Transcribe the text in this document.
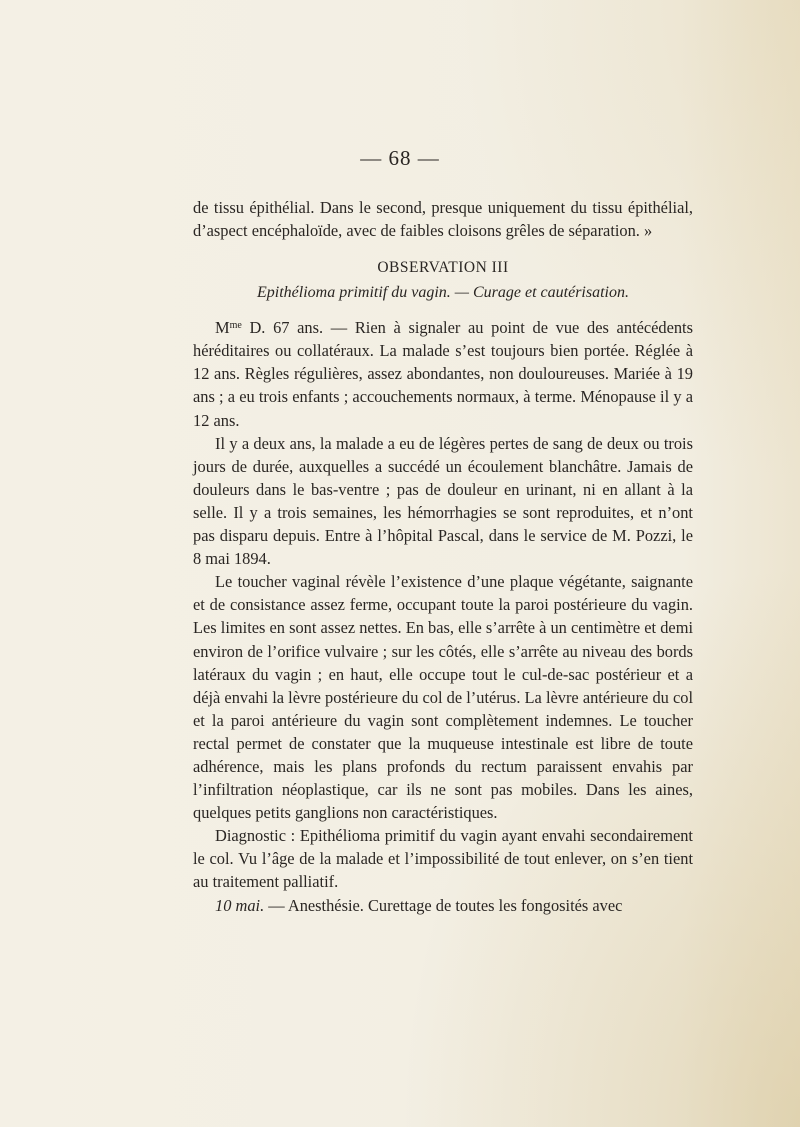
— 68 —

de tissu épithélial. Dans le second, presque uniquement du tissu épithélial, d’aspect encéphaloïde, avec de faibles cloisons grêles de séparation. »

OBSERVATION III
Epithélioma primitif du vagin. — Curage et cautérisation.

$M^{me}$ D. 67 ans. — Rien à signaler au point de vue des antécédents héréditaires ou collatéraux. La malade s’est toujours bien portée. Réglée à 12 ans. Règles régulières, assez abondantes, non douloureuses. Mariée à 19 ans ; a eu trois enfants ; accouchements normaux, à terme. Ménopause il y a 12 ans.

Il y a deux ans, la malade a eu de légères pertes de sang de deux ou trois jours de durée, auxquelles a succédé un écoulement blanchâtre. Jamais de douleurs dans le bas-ventre ; pas de douleur en urinant, ni en allant à la selle. Il y a trois semaines, les hémorrhagies se sont reproduites, et n’ont pas disparu depuis. Entre à l’hôpital Pascal, dans le service de M. Pozzi, le 8 mai 1894.

Le toucher vaginal révèle l’existence d’une plaque végétante, saignante et de consistance assez ferme, occupant toute la paroi postérieure du vagin. Les limites en sont assez nettes. En bas, elle s’arrête à un centimètre et demi environ de l’orifice vulvaire ; sur les côtés, elle s’arrête au niveau des bords latéraux du vagin ; en haut, elle occupe tout le cul-de-sac postérieur et a déjà envahi la lèvre postérieure du col de l’utérus. La lèvre antérieure du col et la paroi antérieure du vagin sont complètement indemnes. Le toucher rectal permet de constater que la muqueuse intestinale est libre de toute adhérence, mais les plans profonds du rectum paraissent envahis par l’infiltration néoplastique, car ils ne sont pas mobiles. Dans les aines, quelques petits ganglions non caractéristiques.

Diagnostic : Epithélioma primitif du vagin ayant envahi secondairement le col. Vu l’âge de la malade et l’impossibilité de tout enlever, on s’en tient au traitement palliatif.

10 mai. — Anesthésie. Curettage de toutes les fongosités avec
